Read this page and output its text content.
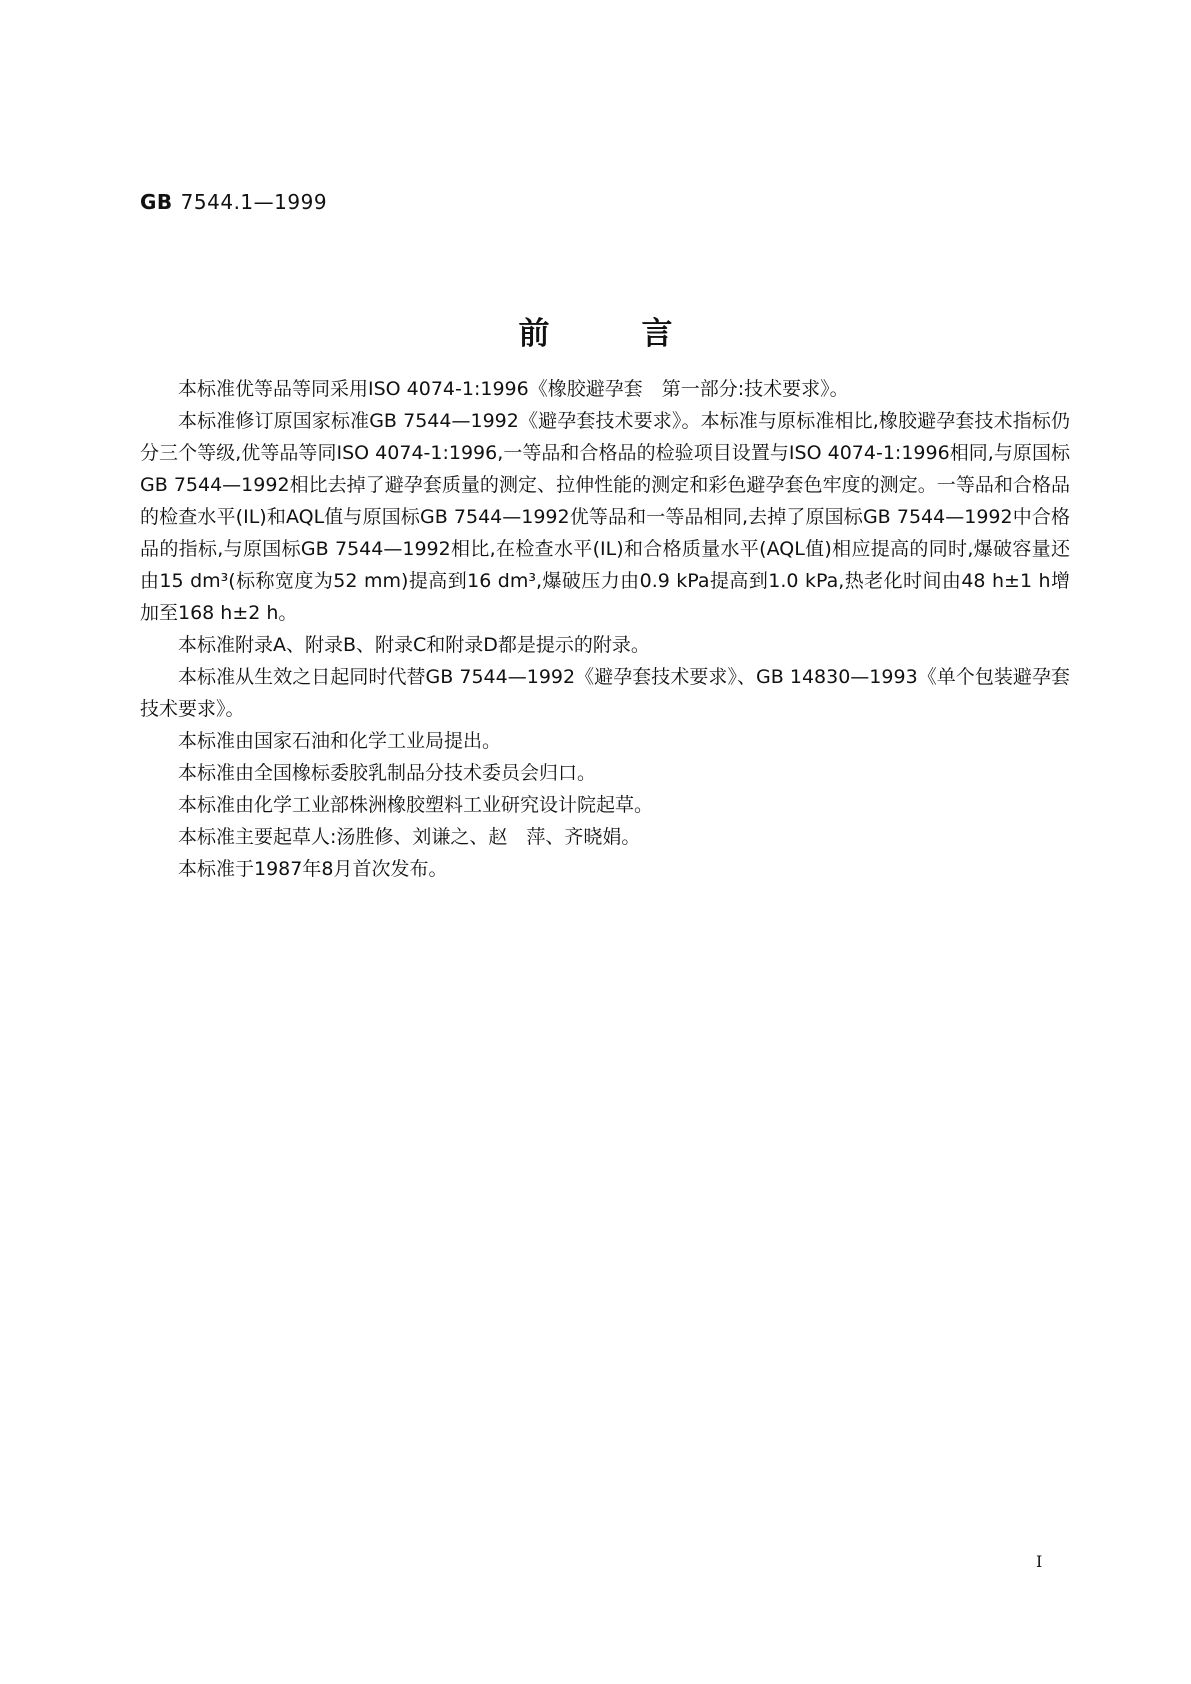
GB 7544.1—1999
前言

本标准优等品等同采用ISO 4074-1:1996《橡胶避孕套　第一部分:技术要求》。

本标准修订原国家标准GB 7544—1992《避孕套技术要求》。本标准与原标准相比,橡胶避孕套技术指标仍分三个等级,优等品等同ISO 4074-1:1996,一等品和合格品的检验项目设置与ISO 4074-1:1996相同,与原国标GB 7544—1992相比去掉了避孕套质量的测定、拉伸性能的测定和彩色避孕套色牢度的测定。一等品和合格品的检查水平(IL)和AQL值与原国标GB 7544—1992优等品和一等品相同,去掉了原国标GB 7544—1992中合格品的指标,与原国标GB 7544—1992相比,在检查水平(IL)和合格质量水平(AQL值)相应提高的同时,爆破容量还由15 dm³(标称宽度为52 mm)提高到16 dm³,爆破压力由0.9 kPa提高到1.0 kPa,热老化时间由48 h±1 h增加至168 h±2 h。

本标准附录A、附录B、附录C和附录D都是提示的附录。

本标准从生效之日起同时代替GB 7544—1992《避孕套技术要求》、GB 14830—1993《单个包装避孕套技术要求》。

本标准由国家石油和化学工业局提出。

本标准由全国橡标委胶乳制品分技术委员会归口。

本标准由化学工业部株洲橡胶塑料工业研究设计院起草。

本标准主要起草人:汤胜修、刘谦之、赵　萍、齐晓娟。

本标准于1987年8月首次发布。

I
